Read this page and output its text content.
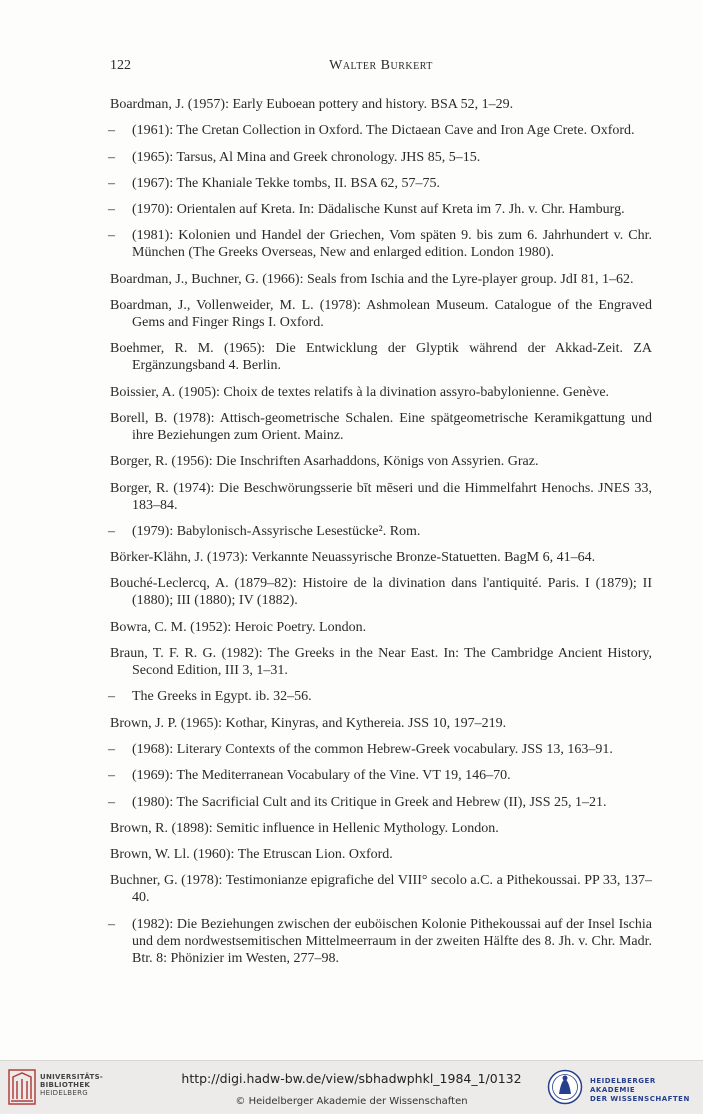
122	Walter Burkert

Boardman, J. (1957): Early Euboean pottery and history. BSA 52, 1–29.

– (1961): The Cretan Collection in Oxford. The Dictaean Cave and Iron Age Crete. Oxford.

– (1965): Tarsus, Al Mina and Greek chronology. JHS 85, 5–15.

– (1967): The Khaniale Tekke tombs, II. BSA 62, 57–75.

– (1970): Orientalen auf Kreta. In: Dädalische Kunst auf Kreta im 7. Jh. v. Chr. Hamburg.

– (1981): Kolonien und Handel der Griechen, Vom späten 9. bis zum 6. Jahrhundert v. Chr. München (The Greeks Overseas, New and enlarged edition. London 1980).

Boardman, J., Buchner, G. (1966): Seals from Ischia and the Lyre-player group. JdI 81, 1–62.

Boardman, J., Vollenweider, M. L. (1978): Ashmolean Museum. Catalogue of the Engraved Gems and Finger Rings I. Oxford.

Boehmer, R. M. (1965): Die Entwicklung der Glyptik während der Akkad-Zeit. ZA Ergänzungsband 4. Berlin.

Boissier, A. (1905): Choix de textes relatifs à la divination assyro-babylonienne. Genève.

Borell, B. (1978): Attisch-geometrische Schalen. Eine spätgeometrische Keramikgattung und ihre Beziehungen zum Orient. Mainz.

Borger, R. (1956): Die Inschriften Asarhaddons, Königs von Assyrien. Graz.

Borger, R. (1974): Die Beschwörungsserie bīt mēseri und die Himmelfahrt Henochs. JNES 33, 183–84.

– (1979): Babylonisch-Assyrische Lesestücke². Rom.

Börker-Klähn, J. (1973): Verkannte Neuassyrische Bronze-Statuetten. BagM 6, 41–64.

Bouché-Leclercq, A. (1879–82): Histoire de la divination dans l'antiquité. Paris. I (1879); II (1880); III (1880); IV (1882).

Bowra, C. M. (1952): Heroic Poetry. London.

Braun, T. F. R. G. (1982): The Greeks in the Near East. In: The Cambridge Ancient History, Second Edition, III 3, 1–31.

– The Greeks in Egypt. ib. 32–56.

Brown, J. P. (1965): Kothar, Kinyras, and Kythereia. JSS 10, 197–219.

– (1968): Literary Contexts of the common Hebrew-Greek vocabulary. JSS 13, 163–91.

– (1969): The Mediterranean Vocabulary of the Vine. VT 19, 146–70.

– (1980): The Sacrificial Cult and its Critique in Greek and Hebrew (II), JSS 25, 1–21.

Brown, R. (1898): Semitic influence in Hellenic Mythology. London.

Brown, W. Ll. (1960): The Etruscan Lion. Oxford.

Buchner, G. (1978): Testimonianze epigrafiche del VIII° secolo a.C. a Pithekoussai. PP 33, 137–40.

– (1982): Die Beziehungen zwischen der euböischen Kolonie Pithekoussai auf der Insel Ischia und dem nordwestsemitischen Mittelmeerraum in der zweiten Hälfte des 8. Jh. v. Chr. Madr. Btr. 8: Phönizier im Westen, 277–98.

UNIVERSITÄTS-
BIBLIOTHEK
HEIDELBERG
http://digi.hadw-bw.de/view/sbhadwphkl_1984_1/0132
© Heidelberger Akademie der Wissenschaften
HEIDELBERGER AKADEMIE
DER WISSENSCHAFTEN
